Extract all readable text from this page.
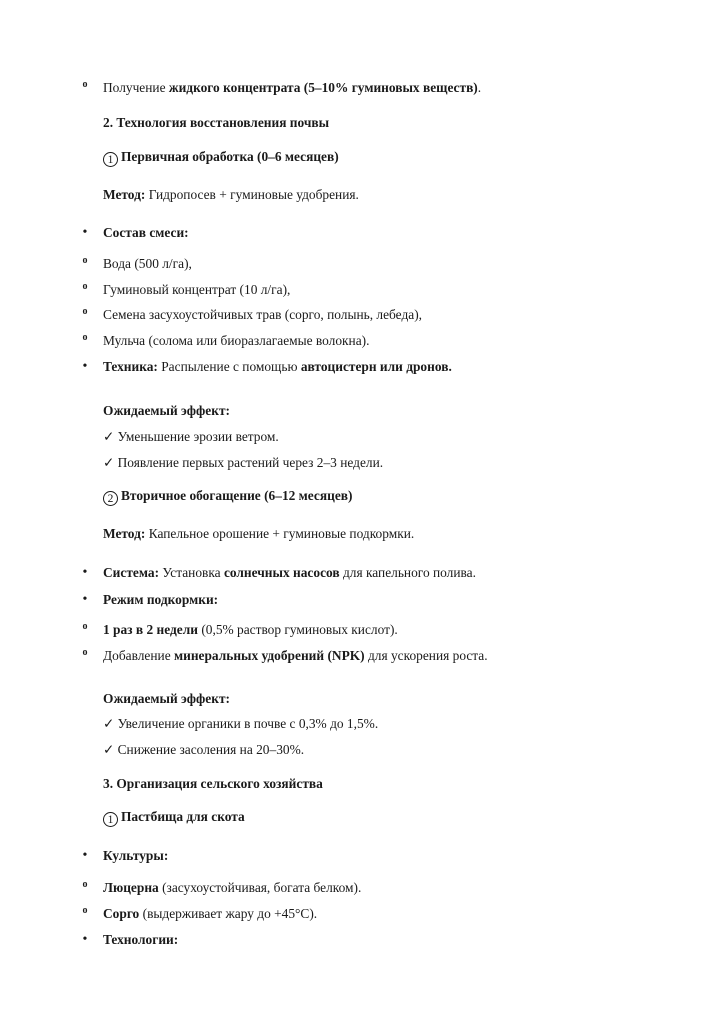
o	Получение жидкого концентрата (5–10% гуминовых веществ).
2. Технология восстановления почвы
1 Первичная обработка (0–6 месяцев)
Метод: Гидропосев + гуминовые удобрения.
•	Состав смеси:
o	Вода (500 л/га),
o	Гуминовый концентрат (10 л/га),
o	Семена засухоустойчивых трав (сорго, полынь, лебеда),
o	Мульча (солома или биоразлагаемые волокна).
•	Техника: Распыление с помощью автоцистерн или дронов.
Ожидаемый эффект:
✓ Уменьшение эрозии ветром.
✓ Появление первых растений через 2–3 недели.
2 Вторичное обогащение (6–12 месяцев)
Метод: Капельное орошение + гуминовые подкормки.
•	Система: Установка солнечных насосов для капельного полива.
•	Режим подкормки:
o	1 раз в 2 недели (0,5% раствор гуминовых кислот).
o	Добавление минеральных удобрений (NPK) для ускорения роста.
Ожидаемый эффект:
✓ Увеличение органики в почве с 0,3% до 1,5%.
✓ Снижение засоления на 20–30%.
3. Организация сельского хозяйства
1 Пастбища для скота
•	Культуры:
o	Люцерна (засухоустойчивая, богата белком).
o	Сорго (выдерживает жару до +45°С).
•	Технологии:
